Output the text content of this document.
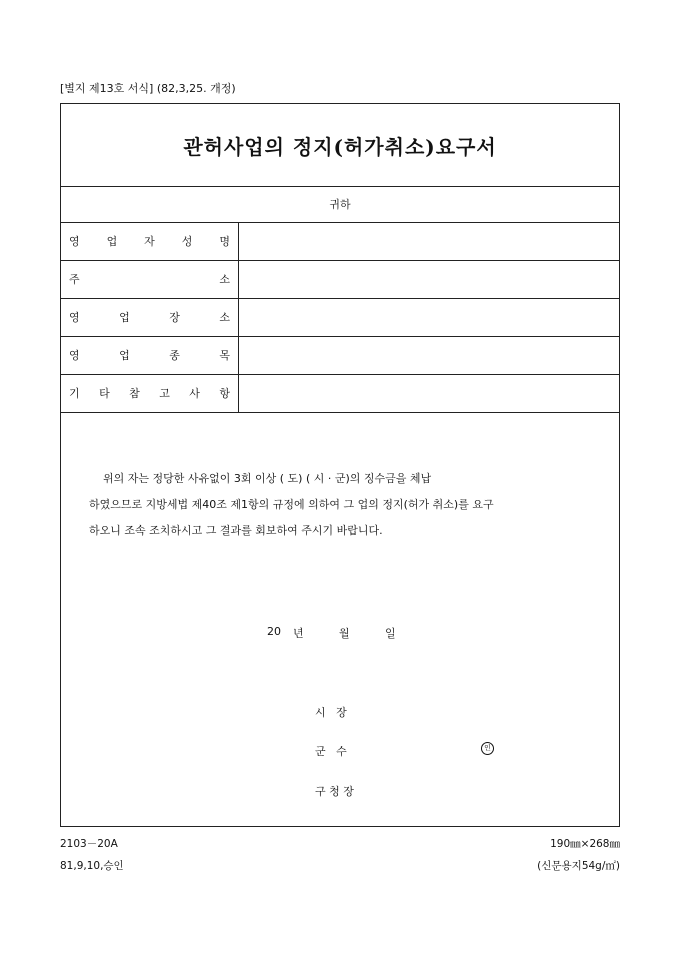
[별지 제13호 서식] (82,3,25. 개정)
관허사업의 정지(허가취소)요구서
귀하
영 업 자 성 명
주	소
영	업	장	소
영	업	종	목
기 타 참 고 사 항

위의 자는 정당한 사유없이 3회 이상 ( 도) ( 시 · 군)의 징수금을 체납

하였으므로 지방세법 제40조 제1항의 규정에 의하여 그 업의 정지(허가 취소)를 요구
하오니 조속 조치하시고 그 결과를 회보하여 주시기 바랍니다.
20	년	월	일
시   장
군   수	인
구 청 장
2103－20A
81,9,10,승인
190㎜×268㎜
(신문용지54g/㎡)
